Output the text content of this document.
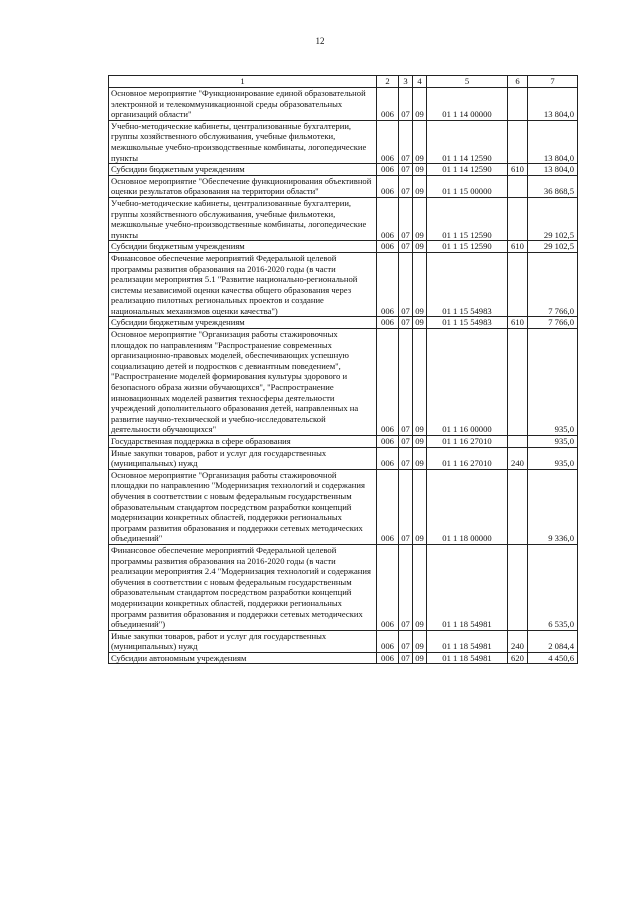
12
1	2	3	4	5	6	7
Основное мероприятие "Функционирование единой образовательной электронной и телекоммуникационной среды образовательных организаций области"	006	07	09	01 1 14 00000		13 804,0
Учебно-методические кабинеты, централизованные бухгалтерии, группы хозяйственного обслуживания, учебные фильмотеки, межшкольные учебно-производственные комбинаты, логопедические пункты	006	07	09	01 1 14 12590		13 804,0
Субсидии бюджетным учреждениям	006	07	09	01 1 14 12590	610	13 804,0
Основное мероприятие "Обеспечение функционирования объективной оценки результатов образования на территории области"	006	07	09	01 1 15 00000		36 868,5
Учебно-методические кабинеты, централизованные бухгалтерии, группы хозяйственного обслуживания, учебные фильмотеки, межшкольные учебно-производственные комбинаты, логопедические пункты	006	07	09	01 1 15 12590		29 102,5
Субсидии бюджетным учреждениям	006	07	09	01 1 15 12590	610	29 102,5
Финансовое обеспечение мероприятий Федеральной целевой программы развития образования на 2016-2020 годы (в части реализации мероприятия 5.1 "Развитие национально-региональной системы независимой оценки качества общего образования через реализацию пилотных региональных проектов и создание национальных механизмов оценки качества")	006	07	09	01 1 15 54983		7 766,0
Субсидии бюджетным учреждениям	006	07	09	01 1 15 54983	610	7 766,0
Основное мероприятие "Организация работы стажировочных площадок по направлениям "Распространение современных организационно-правовых моделей, обеспечивающих успешную социализацию детей и подростков с девиантным поведением", "Распространение моделей формирования культуры здорового и безопасного образа жизни обучающихся", "Распространение инновационных моделей развития техносферы деятельности учреждений дополнительного образования детей, направленных на развитие научно-технической и учебно-исследовательской деятельности обучающихся"	006	07	09	01 1 16 00000		935,0
Государственная поддержка в сфере образования	006	07	09	01 1 16 27010		935,0
Иные закупки товаров, работ и услуг для государственных (муниципальных) нужд	006	07	09	01 1 16 27010	240	935,0
Основное мероприятие "Организация работы стажировочной площадки по направлению "Модернизация технологий и содержания обучения в соответствии с новым федеральным государственным образовательным стандартом посредством разработки концепций модернизации конкретных областей, поддержки региональных программ развития образования и поддержки сетевых методических объединений"	006	07	09	01 1 18 00000		9 336,0
Финансовое обеспечение мероприятий Федеральной целевой программы развития образования на 2016-2020 годы (в части реализации мероприятия 2.4 "Модернизация технологий и содержания обучения в соответствии с новым федеральным государственным образовательным стандартом посредством разработки концепций модернизации конкретных областей, поддержки региональных программ развития образования и поддержки сетевых методических объединений")	006	07	09	01 1 18 54981		6 535,0
Иные закупки товаров, работ и услуг для государственных (муниципальных) нужд	006	07	09	01 1 18 54981	240	2 084,4
Субсидии автономным учреждениям	006	07	09	01 1 18 54981	620	4 450,6
